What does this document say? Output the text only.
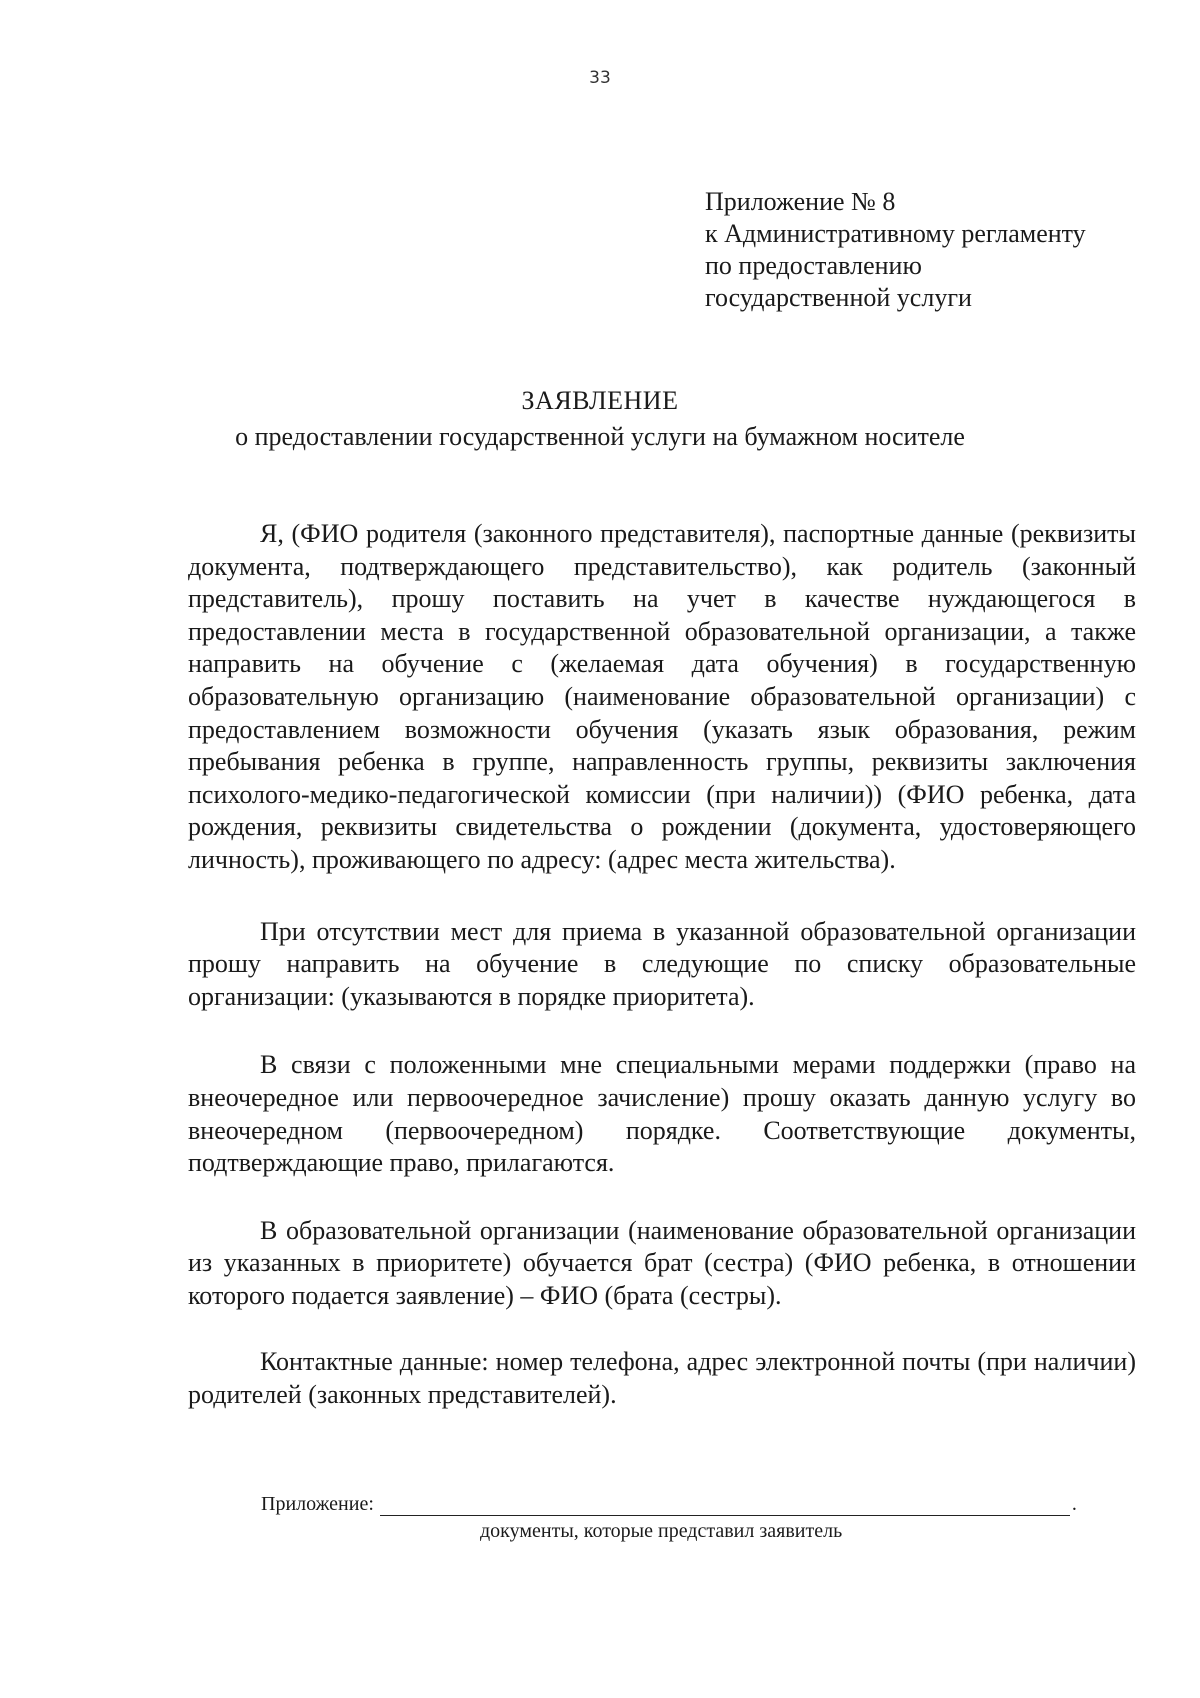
33
Приложение № 8
к Административному регламенту
по предоставлению
государственной услуги
ЗАЯВЛЕНИЕ
о предоставлении государственной услуги на бумажном носителе

Я, (ФИО родителя (законного представителя), паспортные данные (реквизиты документа, подтверждающего представительство), как родитель (законный представитель), прошу поставить на учет в качестве нуждающегося в предоставлении места в государственной образовательной организации, а также направить на обучение с (желаемая дата обучения) в государственную образовательную организацию (наименование образовательной организации) с предоставлением возможности обучения (указать язык образования, режим пребывания ребенка в группе, направленность группы, реквизиты заключения психолого-медико-педагогической комиссии (при наличии)) (ФИО ребенка, дата рождения, реквизиты свидетельства о рождении (документа, удостоверяющего личность), проживающего по адресу: (адрес места жительства).

При отсутствии мест для приема в указанной образовательной организации прошу направить на обучение в следующие по списку образовательные организации: (указываются в порядке приоритета).

В связи с положенными мне специальными мерами поддержки (право на внеочередное или первоочередное зачисление) прошу оказать данную услугу во внеочередном (первоочередном) порядке. Соответствующие документы, подтверждающие право, прилагаются.

В образовательной организации (наименование образовательной организации из указанных в приоритете) обучается брат (сестра) (ФИО ребенка, в отношении которого подается заявление) – ФИО (брата (сестры).

Контактные данные: номер телефона, адрес электронной почты (при наличии) родителей (законных представителей).

Приложение:	.
документы, которые представил заявитель
